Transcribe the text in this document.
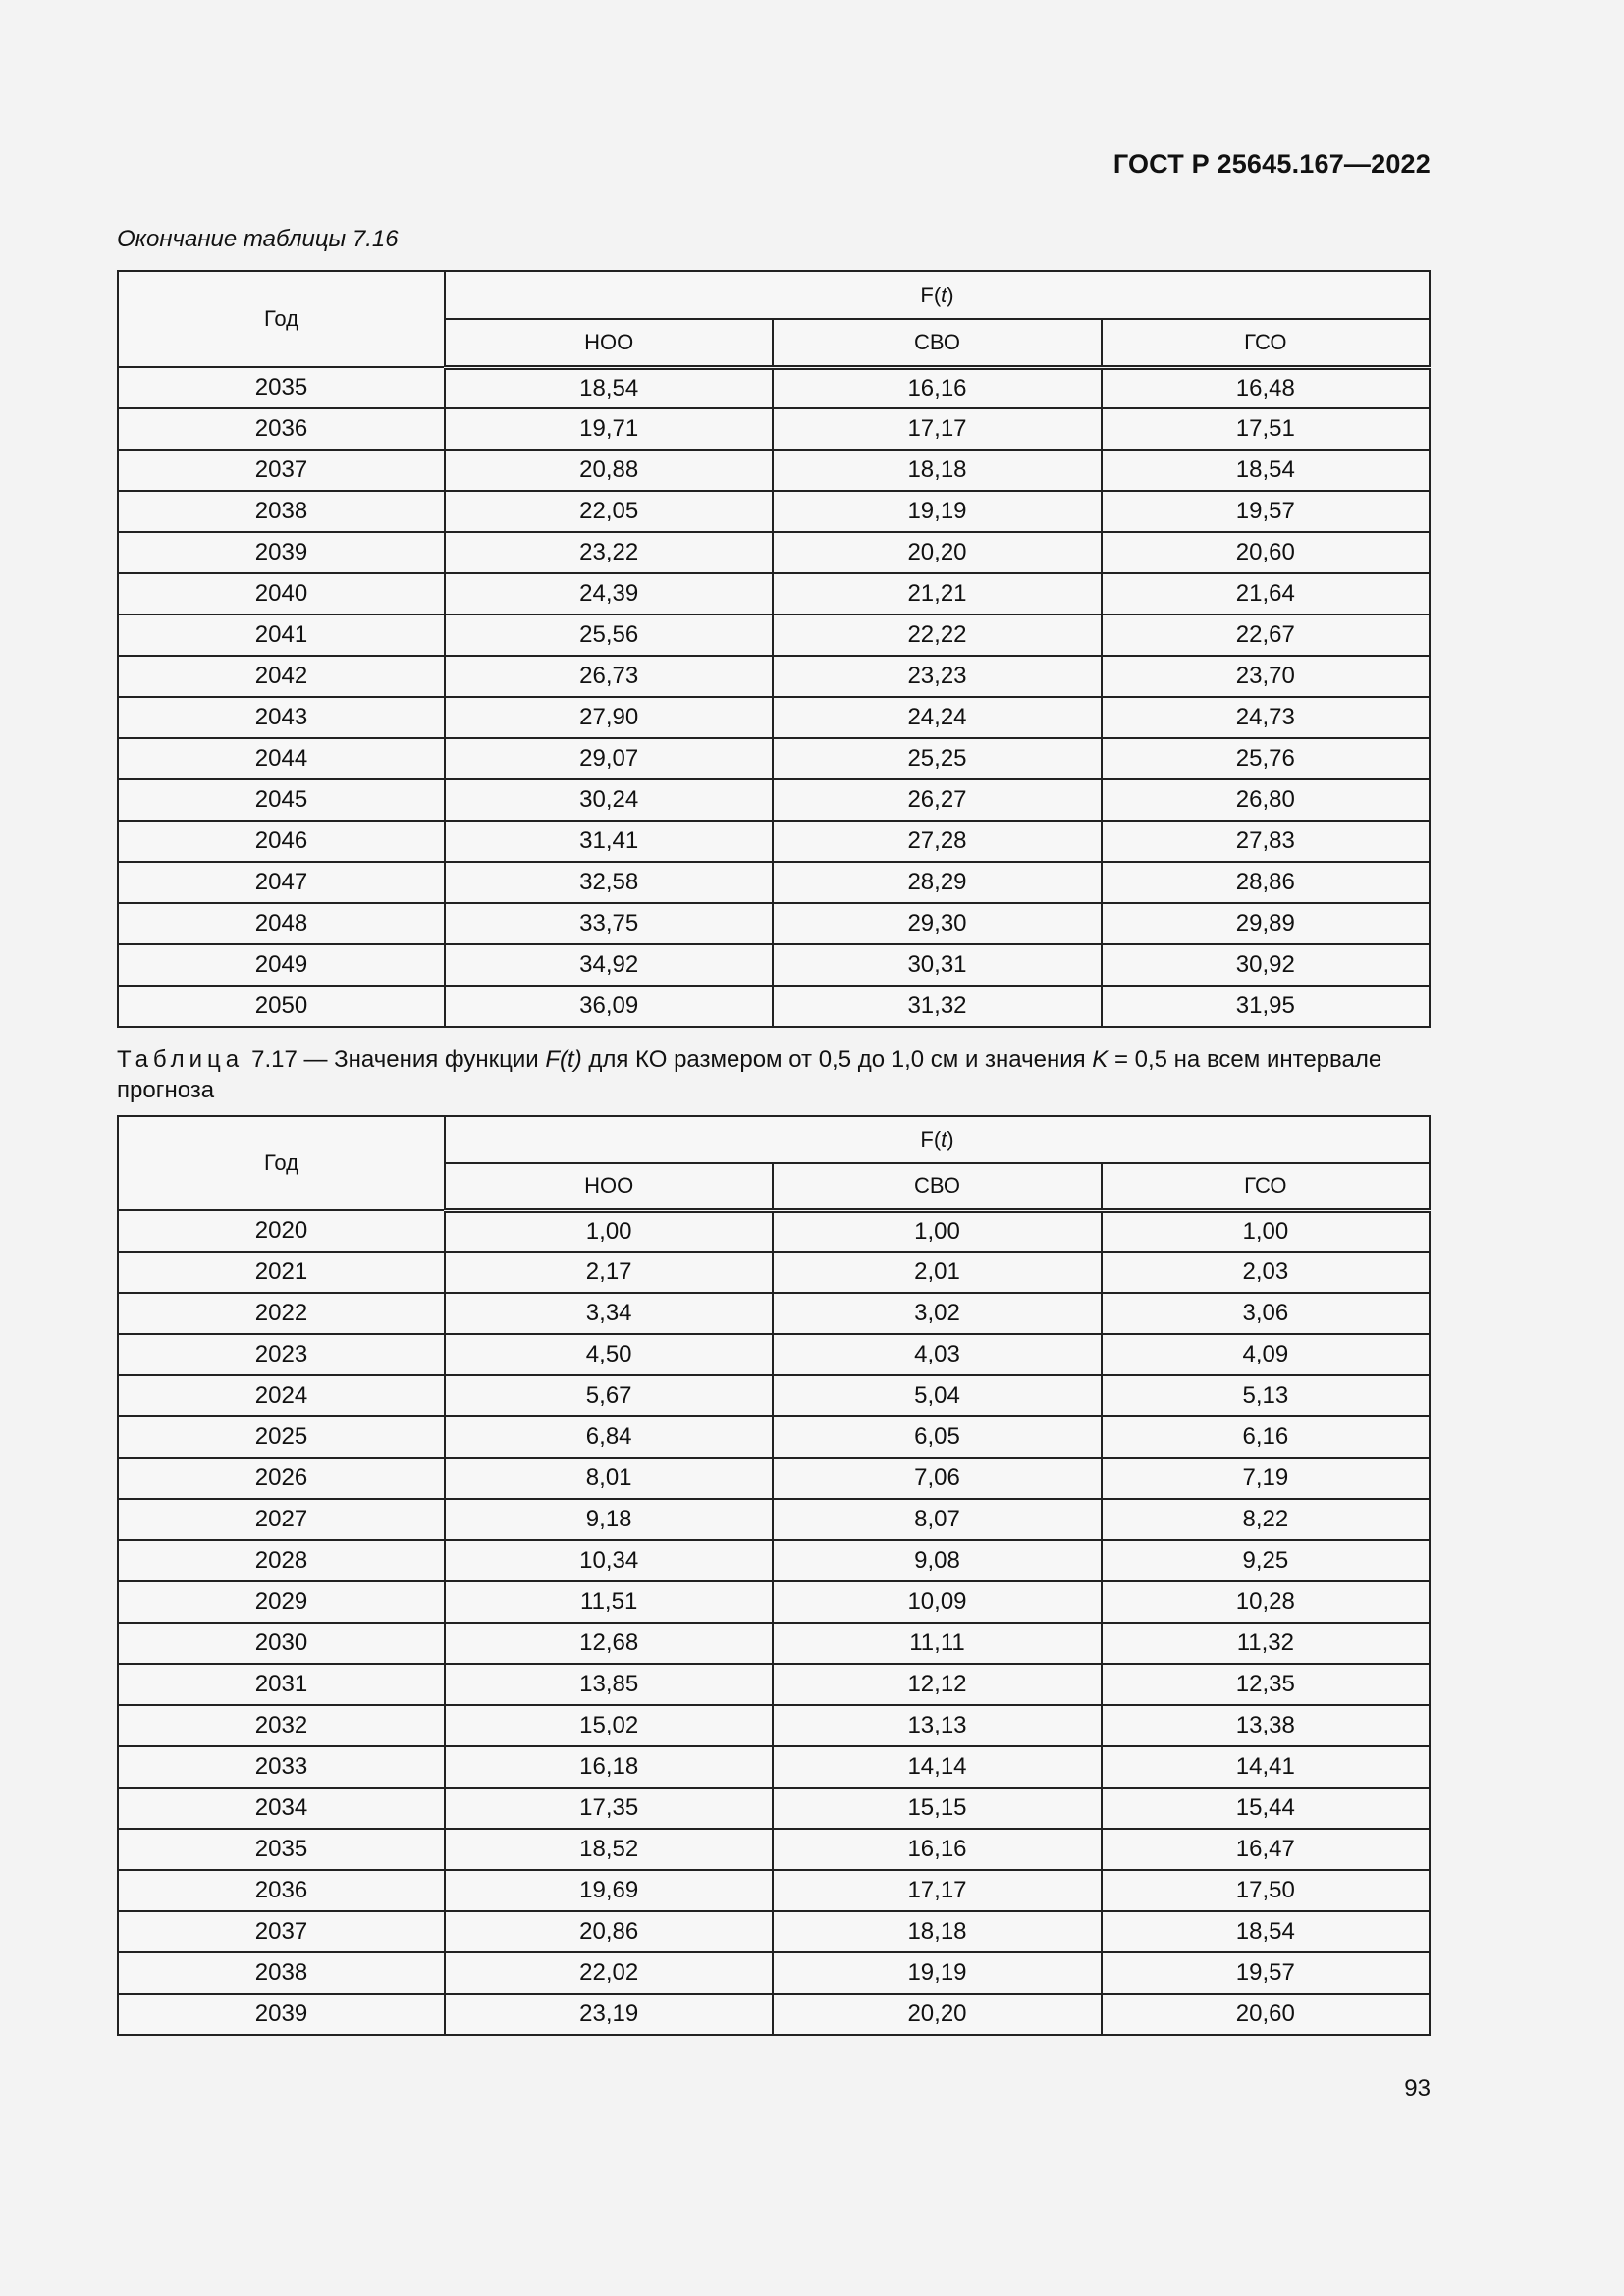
ГОСТ Р 25645.167—2022
Окончание таблицы 7.16
Год	F(t)		
	НОО	СВО	ГСО
2035	18,54	16,16	16,48
2036	19,71	17,17	17,51
2037	20,88	18,18	18,54
2038	22,05	19,19	19,57
2039	23,22	20,20	20,60
2040	24,39	21,21	21,64
2041	25,56	22,22	22,67
2042	26,73	23,23	23,70
2043	27,90	24,24	24,73
2044	29,07	25,25	25,76
2045	30,24	26,27	26,80
2046	31,41	27,28	27,83
2047	32,58	28,29	28,86
2048	33,75	29,30	29,89
2049	34,92	30,31	30,92
2050	36,09	31,32	31,95
Таблица 7.17 — Значения функции F(t) для КО размером от 0,5 до 1,0 см и значения K = 0,5 на всем интервале прогноза
Год	F(t)		
	НОО	СВО	ГСО
2020	1,00	1,00	1,00
2021	2,17	2,01	2,03
2022	3,34	3,02	3,06
2023	4,50	4,03	4,09
2024	5,67	5,04	5,13
2025	6,84	6,05	6,16
2026	8,01	7,06	7,19
2027	9,18	8,07	8,22
2028	10,34	9,08	9,25
2029	11,51	10,09	10,28
2030	12,68	11,11	11,32
2031	13,85	12,12	12,35
2032	15,02	13,13	13,38
2033	16,18	14,14	14,41
2034	17,35	15,15	15,44
2035	18,52	16,16	16,47
2036	19,69	17,17	17,50
2037	20,86	18,18	18,54
2038	22,02	19,19	19,57
2039	23,19	20,20	20,60
93
